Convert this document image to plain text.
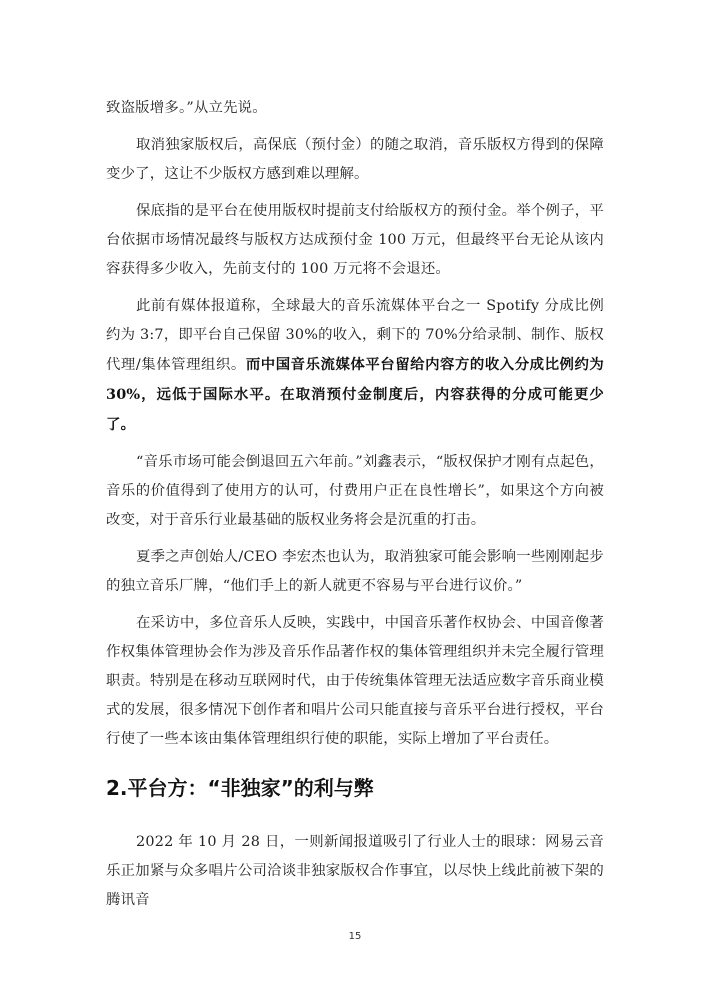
致盗版增多。”从立先说。

取消独家版权后，高保底（预付金）的随之取消，音乐版权方得到的保障变少了，这让不少版权方感到难以理解。

保底指的是平台在使用版权时提前支付给版权方的预付金。举个例子，平台依据市场情况最终与版权方达成预付金 100 万元，但最终平台无论从该内容获得多少收入，先前支付的 100 万元将不会退还。

此前有媒体报道称，全球最大的音乐流媒体平台之一 Spotify 分成比例约为 3:7，即平台自己保留 30%的收入，剩下的 70%分给录制、制作、版权代理/集体管理组织。而中国音乐流媒体平台留给内容方的收入分成比例约为 30%，远低于国际水平。在取消预付金制度后，内容获得的分成可能更少了。

“音乐市场可能会倒退回五六年前。”刘鑫表示，“版权保护才刚有点起色，音乐的价值得到了使用方的认可，付费用户正在良性增长”，如果这个方向被改变，对于音乐行业最基础的版权业务将会是沉重的打击。

夏季之声创始人/CEO 李宏杰也认为，取消独家可能会影响一些刚刚起步的独立音乐厂牌，“他们手上的新人就更不容易与平台进行议价。”

在采访中，多位音乐人反映，实践中，中国音乐著作权协会、中国音像著作权集体管理协会作为涉及音乐作品著作权的集体管理组织并未完全履行管理职责。特别是在移动互联网时代，由于传统集体管理无法适应数字音乐商业模式的发展，很多情况下创作者和唱片公司只能直接与音乐平台进行授权，平台行使了一些本该由集体管理组织行使的职能，实际上增加了平台责任。

2.平台方：“非独家”的利与弊

2022 年 10 月 28 日，一则新闻报道吸引了行业人士的眼球：网易云音乐正加紧与众多唱片公司洽谈非独家版权合作事宜，以尽快上线此前被下架的腾讯音

15
